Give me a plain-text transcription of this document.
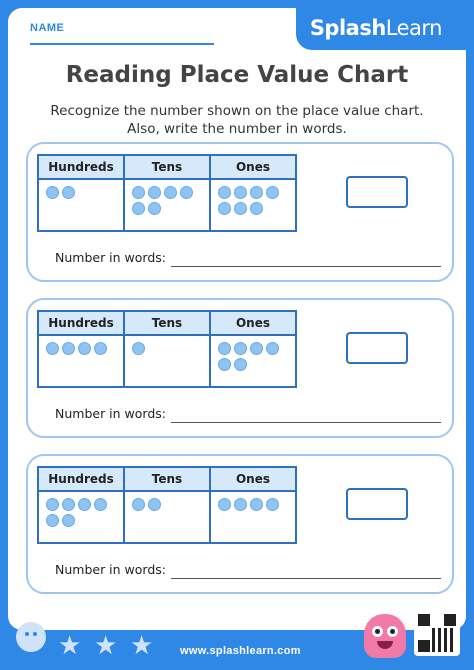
NAME	SplashLearn
Reading Place Value Chart
Recognize the number shown on the place value chart.
Also, write the number in words.
Hundreds	Tens	Ones
Number in words:
Hundreds	Tens	Ones
Number in words:
Hundreds	Tens	Ones
Number in words:
★ ★ ★ www.splashlearn.com
